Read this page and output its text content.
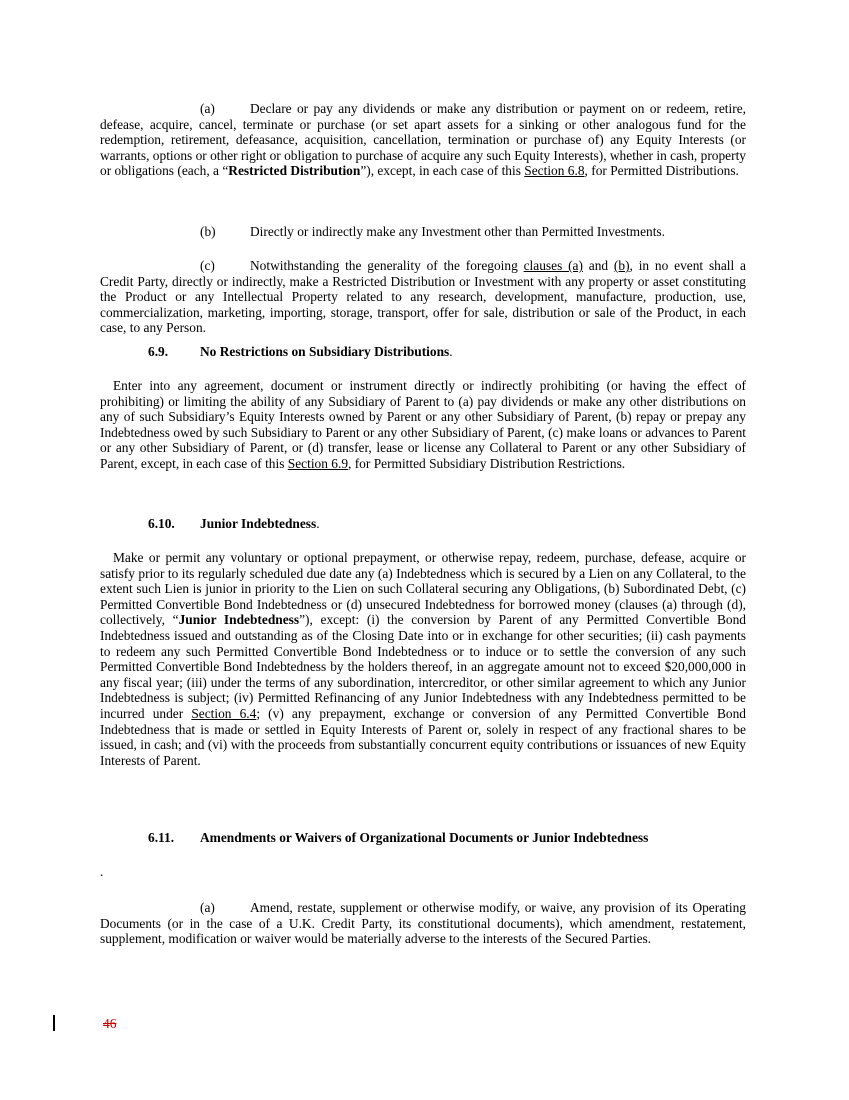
(a)	Declare or pay any dividends or make any distribution or payment on or redeem, retire, defease, acquire, cancel, terminate or purchase (or set apart assets for a sinking or other analogous fund for the redemption, retirement, defeasance, acquisition, cancellation, termination or purchase of) any Equity Interests (or warrants, options or other right or obligation to purchase of acquire any such Equity Interests), whether in cash, property or obligations (each, a “Restricted Distribution”), except, in each case of this Section 6.8, for Permitted Distributions.

(b)	Directly or indirectly make any Investment other than Permitted Investments.

(c)	Notwithstanding the generality of the foregoing clauses (a) and (b), in no event shall a Credit Party, directly or indirectly, make a Restricted Distribution or Investment with any property or asset constituting the Product or any Intellectual Property related to any research, development, manufacture, production, use, commercialization, marketing, importing, storage, transport, offer for sale, distribution or sale of the Product, in each case, to any Person.

6.9. No Restrictions on Subsidiary Distributions.

Enter into any agreement, document or instrument directly or indirectly prohibiting (or having the effect of prohibiting) or limiting the ability of any Subsidiary of Parent to (a) pay dividends or make any other distributions on any of such Subsidiary’s Equity Interests owned by Parent or any other Subsidiary of Parent, (b) repay or prepay any Indebtedness owed by such Subsidiary to Parent or any other Subsidiary of Parent, (c) make loans or advances to Parent or any other Subsidiary of Parent, or (d) transfer, lease or license any Collateral to Parent or any other Subsidiary of Parent, except, in each case of this Section 6.9, for Permitted Subsidiary Distribution Restrictions.

6.10. Junior Indebtedness.

Make or permit any voluntary or optional prepayment, or otherwise repay, redeem, purchase, defease, acquire or satisfy prior to its regularly scheduled due date any (a) Indebtedness which is secured by a Lien on any Collateral, to the extent such Lien is junior in priority to the Lien on such Collateral securing any Obligations, (b) Subordinated Debt, (c) Permitted Convertible Bond Indebtedness or (d) unsecured Indebtedness for borrowed money (clauses (a) through (d), collectively, “Junior Indebtedness”), except: (i) the conversion by Parent of any Permitted Convertible Bond Indebtedness issued and outstanding as of the Closing Date into or in exchange for other securities; (ii) cash payments to redeem any such Permitted Convertible Bond Indebtedness or to induce or to settle the conversion of any such Permitted Convertible Bond Indebtedness by the holders thereof, in an aggregate amount not to exceed $20,000,000 in any fiscal year; (iii) under the terms of any subordination, intercreditor, or other similar agreement to which any Junior Indebtedness is subject; (iv) Permitted Refinancing of any Junior Indebtedness with any Indebtedness permitted to be incurred under Section 6.4; (v) any prepayment, exchange or conversion of any Permitted Convertible Bond Indebtedness that is made or settled in Equity Interests of Parent or, solely in respect of any fractional shares to be issued, in cash; and (vi) with the proceeds from substantially concurrent equity contributions or issuances of new Equity Interests of Parent.

6.11. Amendments or Waivers of Organizational Documents or Junior Indebtedness

.

(a)	Amend, restate, supplement or otherwise modify, or waive, any provision of its Operating Documents (or in the case of a U.K. Credit Party, its constitutional documents), which amendment, restatement, supplement, modification or waiver would be materially adverse to the interests of the Secured Parties.

46
